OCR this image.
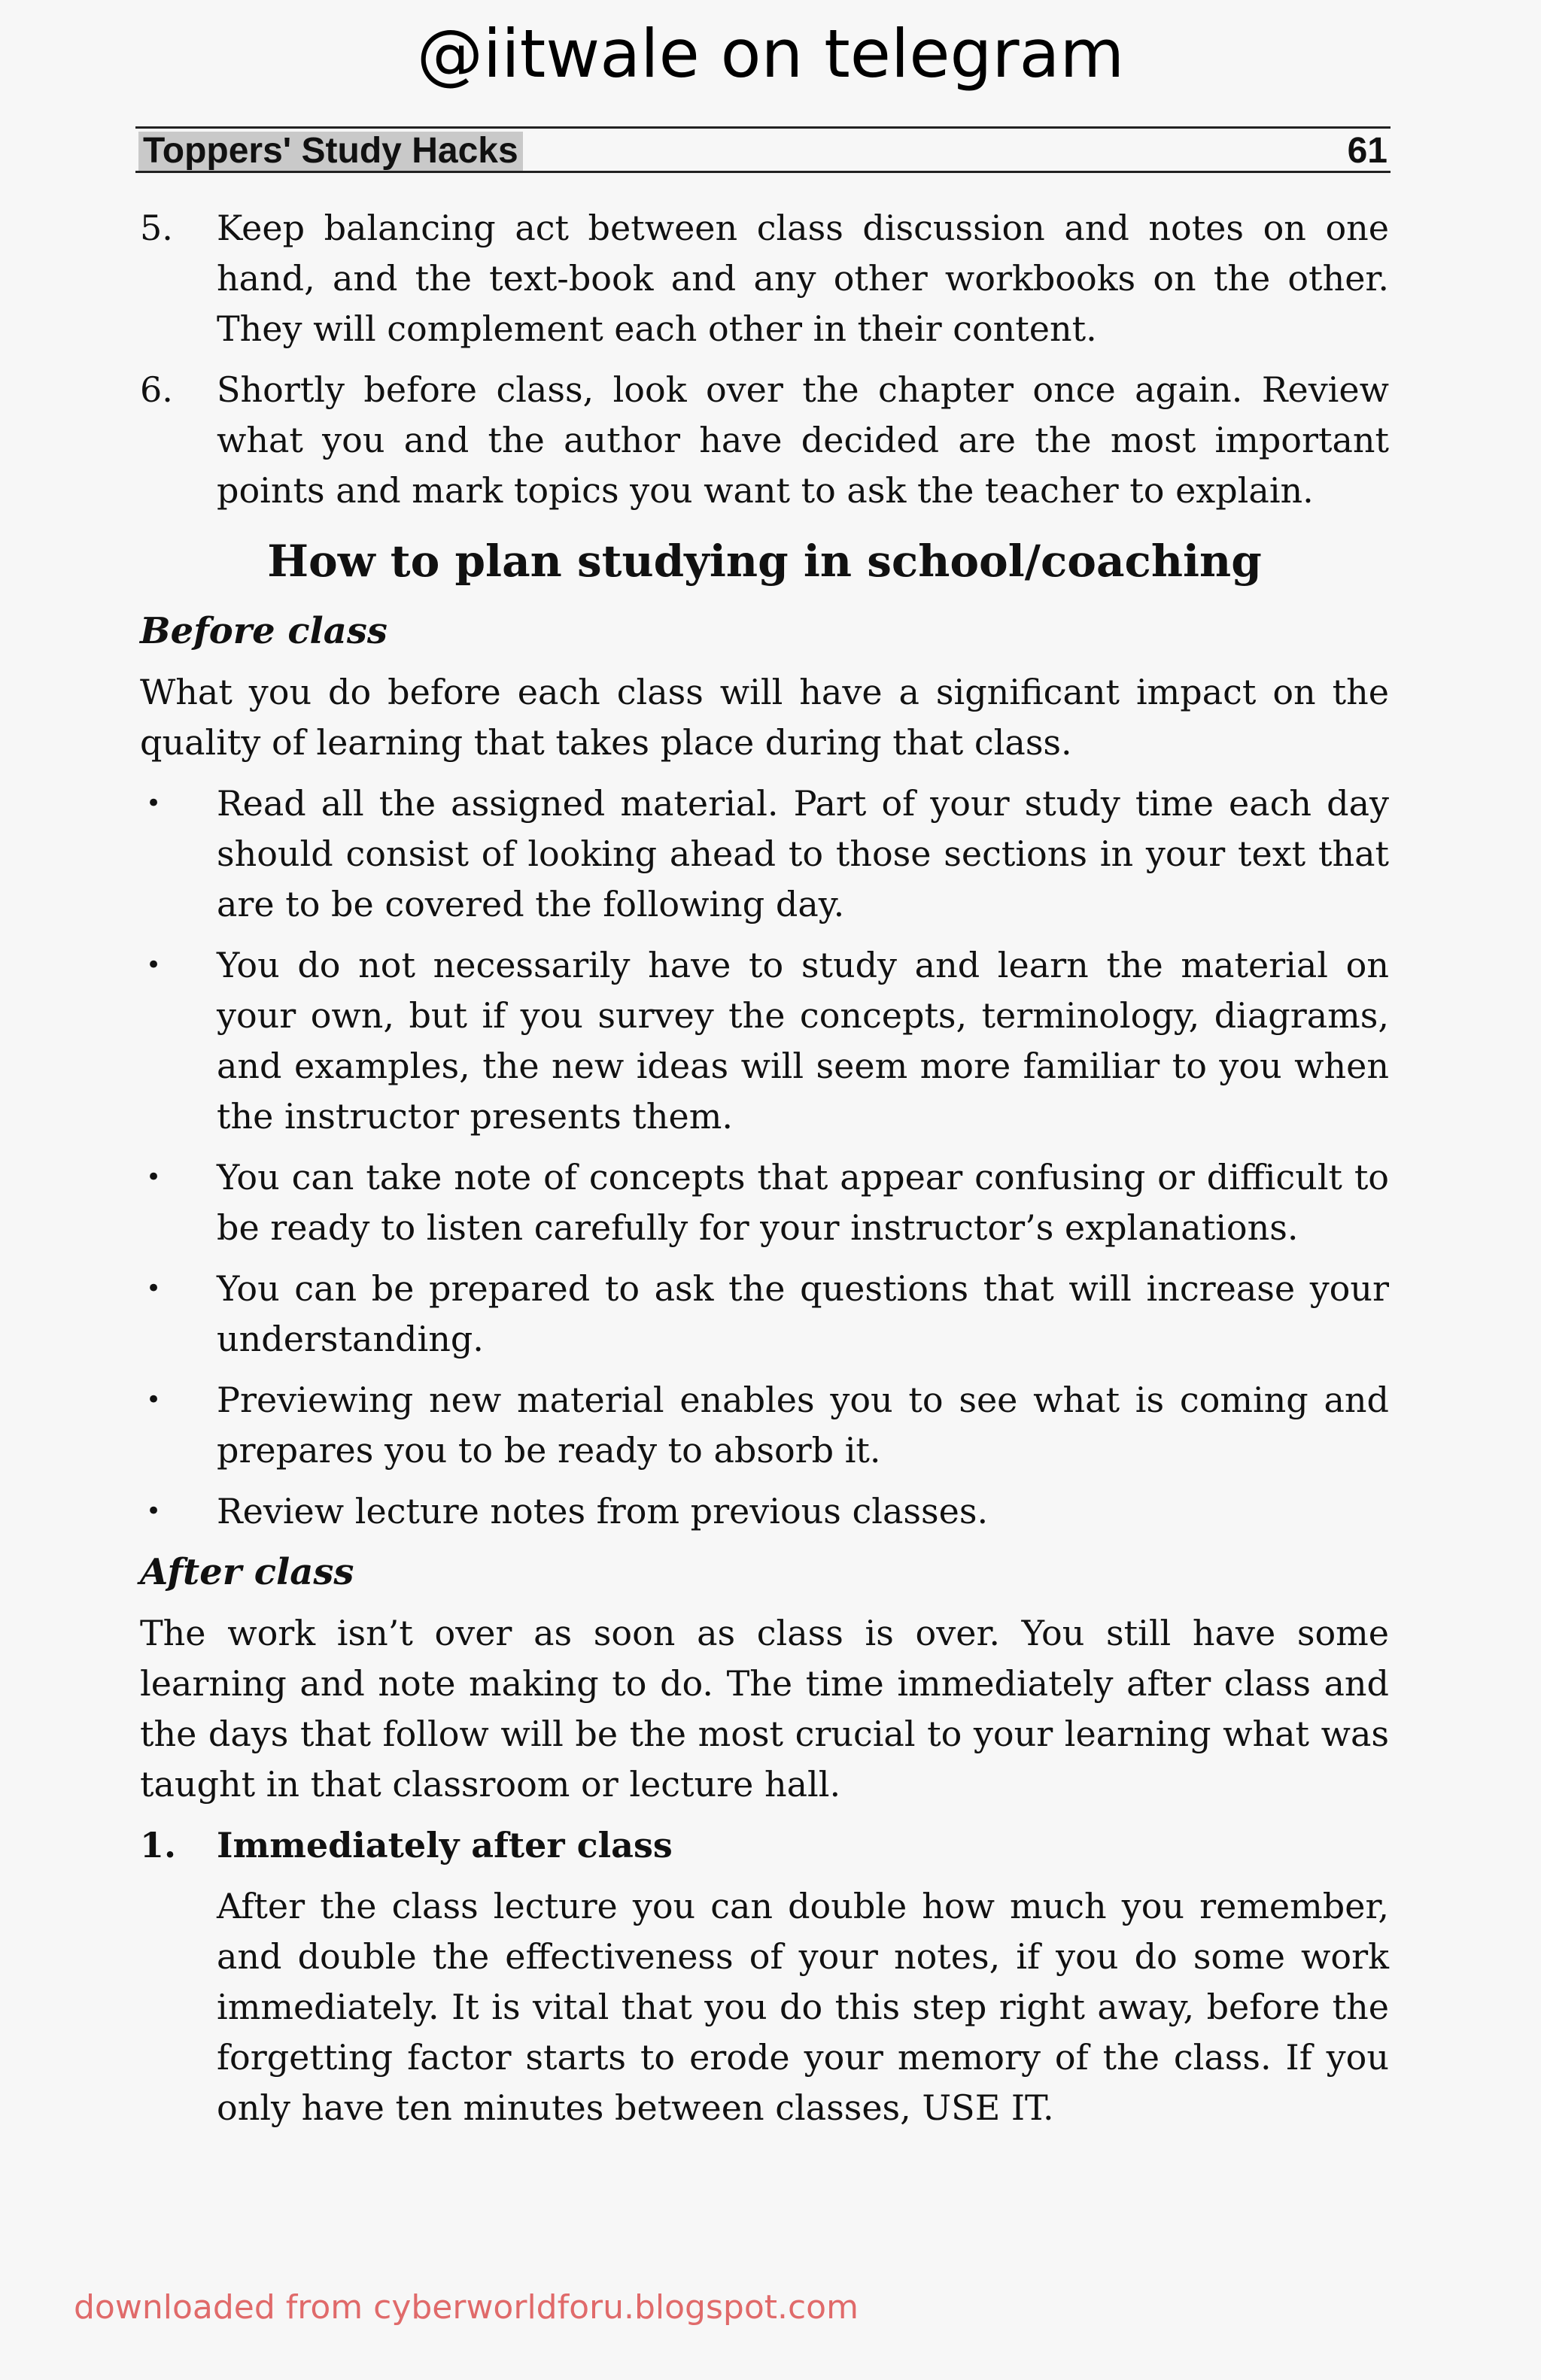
@iitwale on telegram
Toppers' Study Hacks	61
5.	Keep balancing act between class discussion and notes on one hand, and the text-book and any other workbooks on the other. They will complement each other in their content.
6.	Shortly before class, look over the chapter once again. Review what you and the author have decided are the most important points and mark topics you want to ask the teacher to explain.
How to plan studying in school/coaching
Before class
What you do before each class will have a significant impact on the quality of learning that takes place during that class.
•	Read all the assigned material. Part of your study time each day should consist of looking ahead to those sections in your text that are to be covered the following day.
•	You do not necessarily have to study and learn the material on your own, but if you survey the concepts, terminology, diagrams, and examples, the new ideas will seem more familiar to you when the instructor presents them.
•	You can take note of concepts that appear confusing or difficult to be ready to listen carefully for your instructor’s explanations.
•	You can be prepared to ask the questions that will increase your understanding.
•	Previewing new material enables you to see what is coming and prepares you to be ready to absorb it.
•	Review lecture notes from previous classes.
After class
The work isn’t over as soon as class is over. You still have some learning and note making to do. The time immediately after class and the days that follow will be the most crucial to your learning what was taught in that classroom or lecture hall.
1.	Immediately after class
After the class lecture you can double how much you remember, and double the effectiveness of your notes, if you do some work immediately. It is vital that you do this step right away, before the forgetting factor starts to erode your memory of the class. If you only have ten minutes between classes, USE IT.
downloaded from cyberworldforu.blogspot.com
